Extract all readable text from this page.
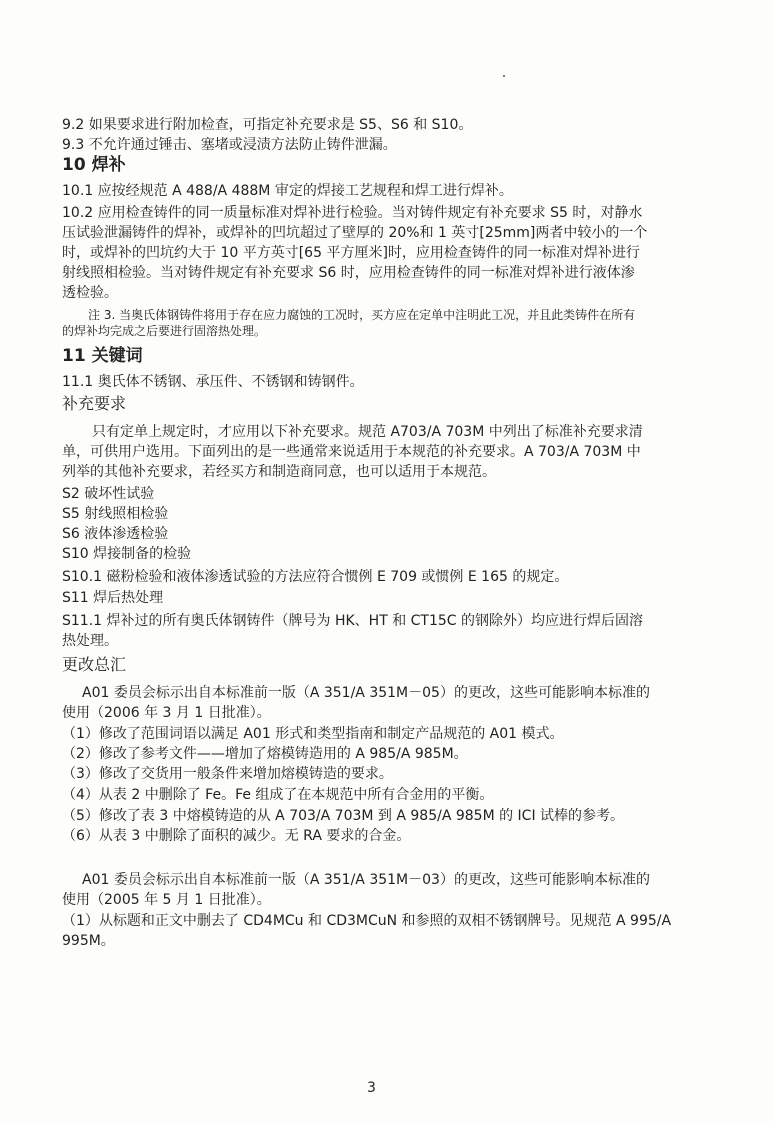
9.2 如果要求进行附加检查，可指定补充要求是 S5、S6 和 S10。
9.3 不允许通过锤击、塞堵或浸渍方法防止铸件泄漏。
10 焊补
10.1 应按经规范 A 488/A 488M 审定的焊接工艺规程和焊工进行焊补。
10.2 应用检查铸件的同一质量标准对焊补进行检验。当对铸件规定有补充要求 S5 时，对静水
压试验泄漏铸件的焊补，或焊补的凹坑超过了壁厚的 20%和 1 英寸[25mm]两者中较小的一个
时，或焊补的凹坑约大于 10 平方英寸[65 平方厘米]时，应用检查铸件的同一标准对焊补进行
射线照相检验。当对铸件规定有补充要求 S6 时，应用检查铸件的同一标准对焊补进行液体渗
透检验。
注 3. 当奥氏体钢铸件将用于存在应力腐蚀的工况时，买方应在定单中注明此工况，并且此类铸件在所有
的焊补均完成之后要进行固溶热处理。
11 关键词
11.1 奥氏体不锈钢、承压件、不锈钢和铸钢件。
补充要求
只有定单上规定时，才应用以下补充要求。规范 A703/A 703M 中列出了标准补充要求清
单，可供用户选用。下面列出的是一些通常来说适用于本规范的补充要求。A 703/A 703M 中
列举的其他补充要求，若经买方和制造商同意，也可以适用于本规范。
S2 破坏性试验
S5 射线照相检验
S6 液体渗透检验
S10 焊接制备的检验
S10.1 磁粉检验和液体渗透试验的方法应符合惯例 E 709 或惯例 E 165 的规定。
S11 焊后热处理
S11.1 焊补过的所有奥氏体钢铸件（牌号为 HK、HT 和 CT15C 的钢除外）均应进行焊后固溶
热处理。
更改总汇
A01 委员会标示出自本标准前一版（A 351/A 351M－05）的更改，这些可能影响本标准的
使用（2006 年 3 月 1 日批准）。
（1）修改了范围词语以满足 A01 形式和类型指南和制定产品规范的 A01 模式。
（2）修改了参考文件——增加了熔模铸造用的 A 985/A 985M。
（3）修改了交货用一般条件来增加熔模铸造的要求。
（4）从表 2 中删除了 Fe。Fe 组成了在本规范中所有合金用的平衡。
（5）修改了表 3 中熔模铸造的从 A 703/A 703M 到 A 985/A 985M 的 ICI 试棒的参考。
（6）从表 3 中删除了面积的减少。无 RA 要求的合金。
A01 委员会标示出自本标准前一版（A 351/A 351M－03）的更改，这些可能影响本标准的
使用（2005 年 5 月 1 日批准）。
（1）从标题和正文中删去了 CD4MCu 和 CD3MCuN 和参照的双相不锈钢牌号。见规范 A 995/A
995M。
3
